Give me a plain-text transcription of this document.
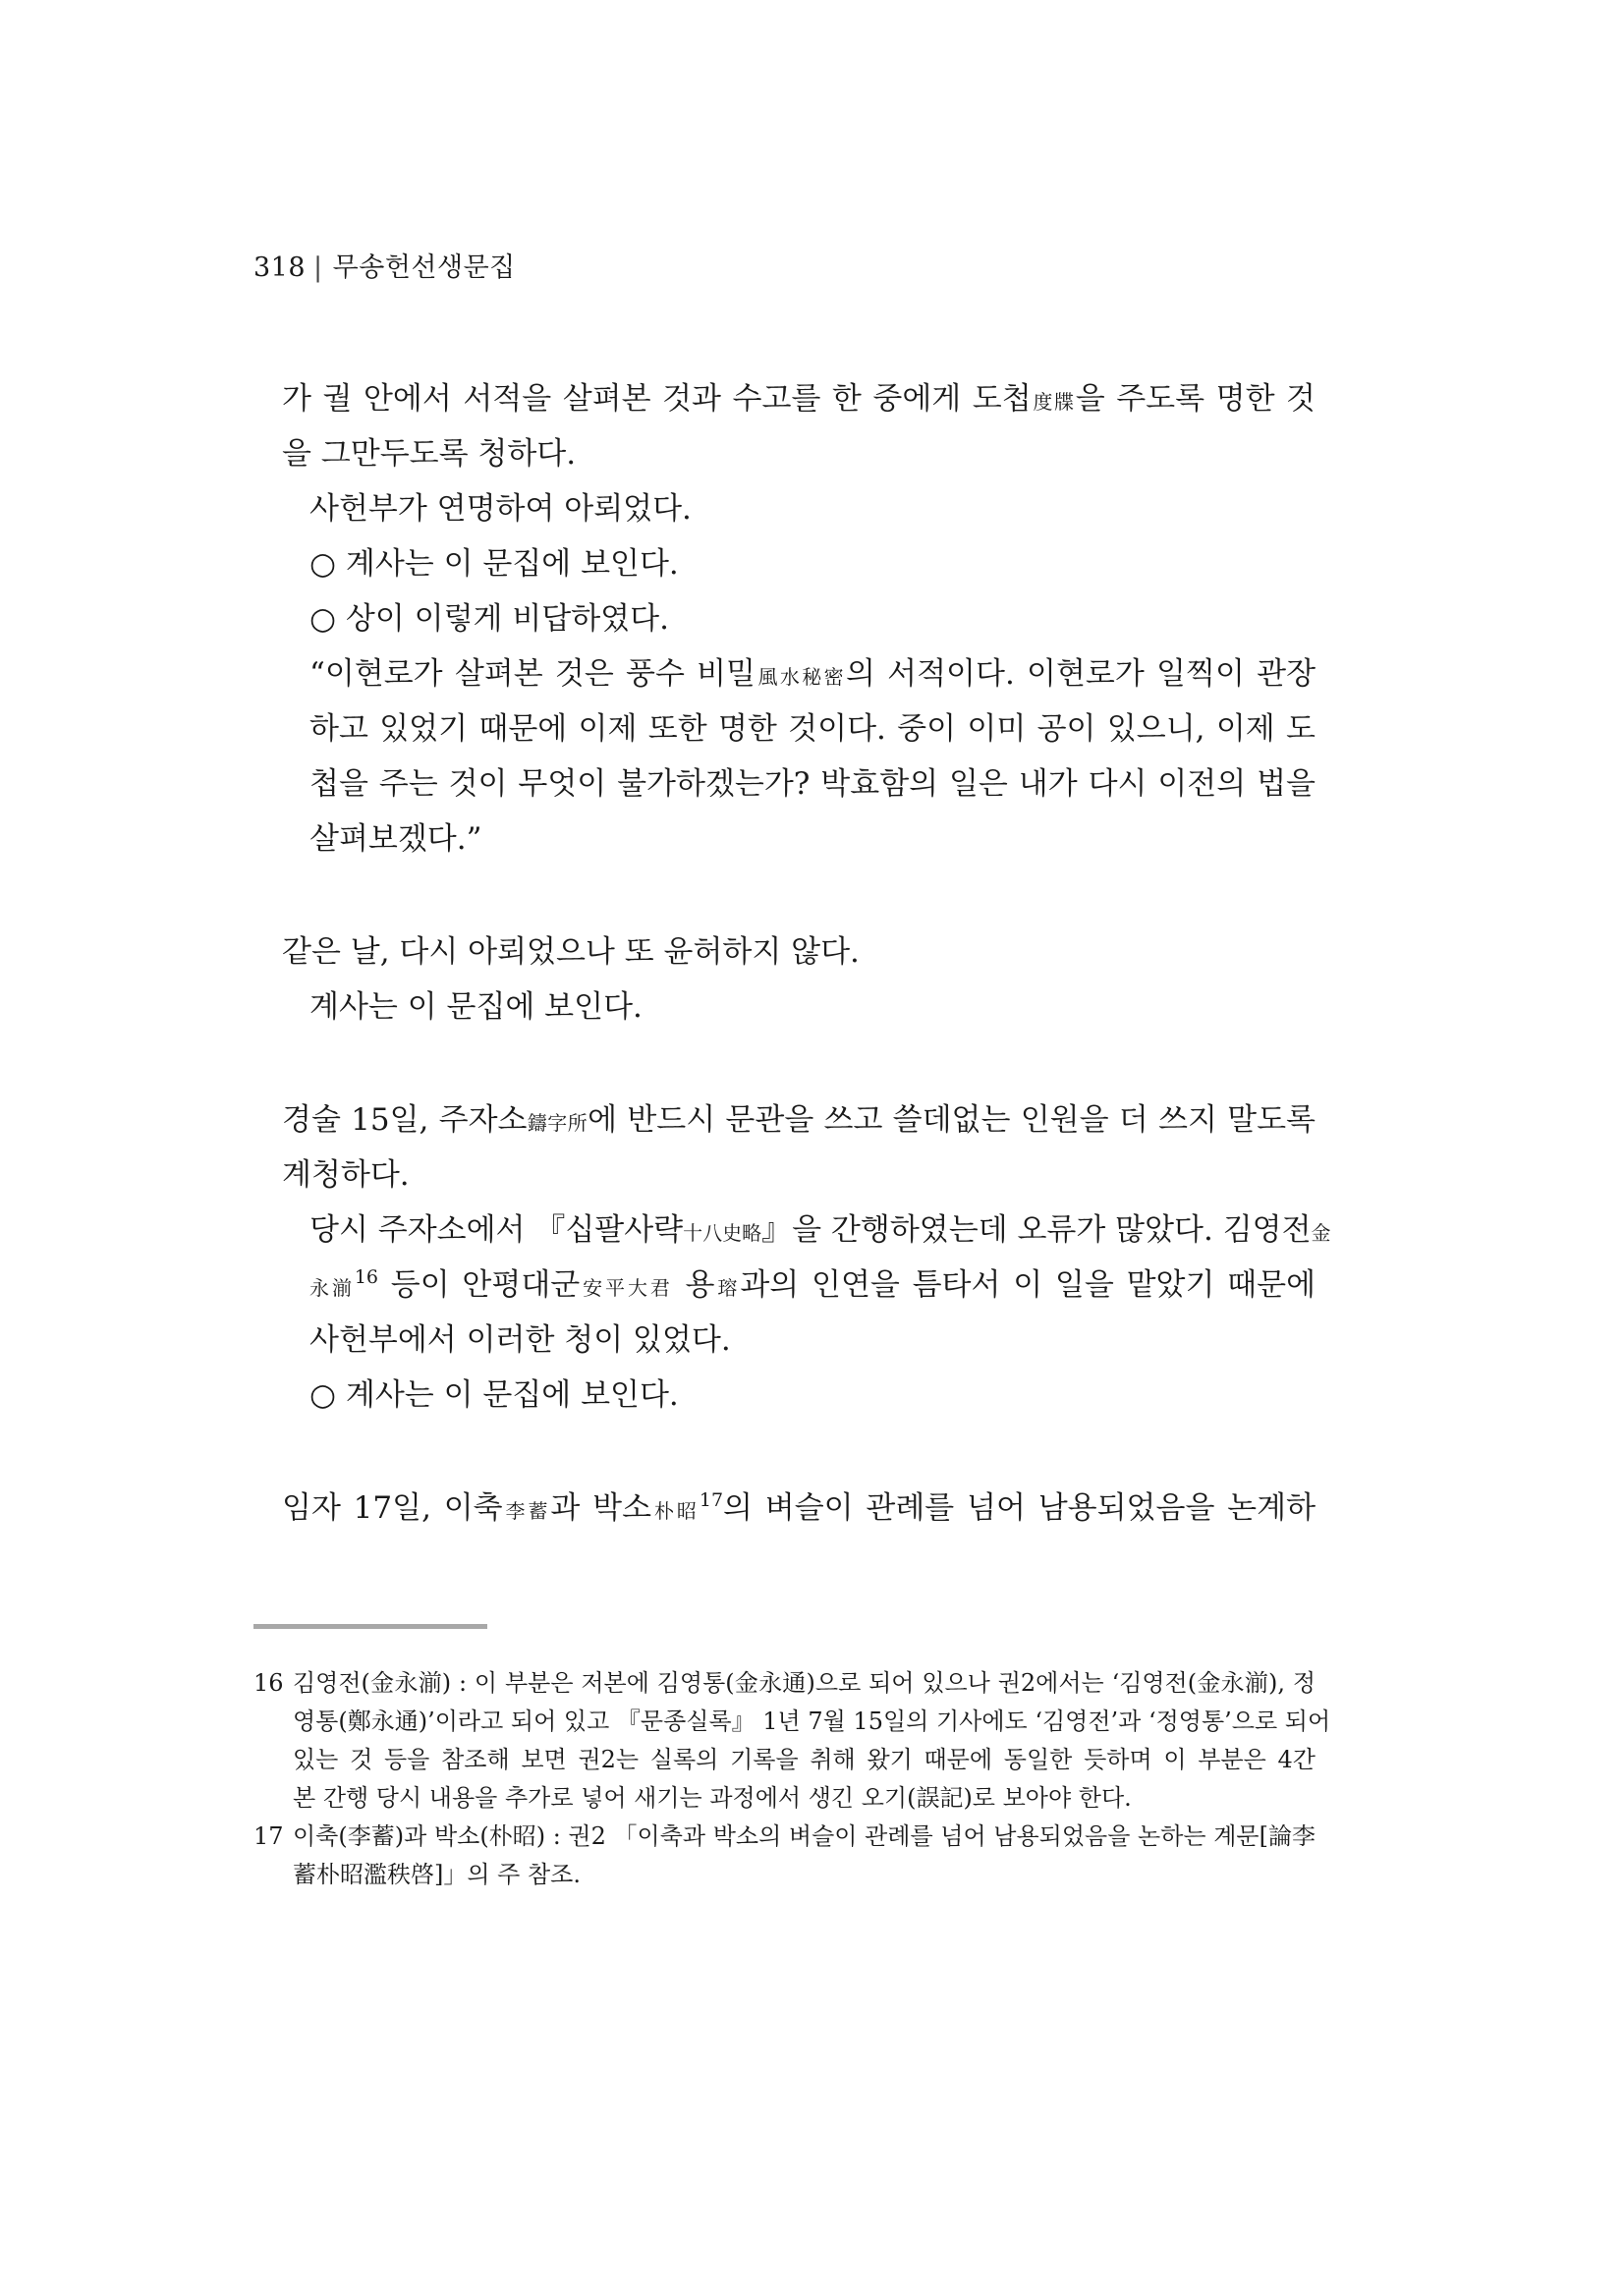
318 | 무송헌선생문집
가 궐 안에서 서적을 살펴본 것과 수고를 한 중에게 도첩度牒을 주도록 명한 것
을 그만두도록 청하다.
사헌부가 연명하여 아뢰었다.
○ 계사는 이 문집에 보인다.
○ 상이 이렇게 비답하였다.
“이현로가 살펴본 것은 풍수 비밀風水秘密의 서적이다. 이현로가 일찍이 관장
하고 있었기 때문에 이제 또한 명한 것이다. 중이 이미 공이 있으니, 이제 도
첩을 주는 것이 무엇이 불가하겠는가? 박효함의 일은 내가 다시 이전의 법을
살펴보겠다.”
같은 날, 다시 아뢰었으나 또 윤허하지 않다.
계사는 이 문집에 보인다.
경술 15일, 주자소鑄字所에 반드시 문관을 쓰고 쓸데없는 인원을 더 쓰지 말도록
계청하다.
당시 주자소에서 『십팔사략十八史略』을 간행하였는데 오류가 많았다. 김영전金
永湔$^{16}$ 등이 안평대군安平大君 용瑢과의 인연을 틈타서 이 일을 맡았기 때문에
사헌부에서 이러한 청이 있었다.
○ 계사는 이 문집에 보인다.
임자 17일, 이축李蓄과 박소朴昭$^{17}$의 벼슬이 관례를 넘어 남용되었음을 논계하
16 김영전(金永湔) : 이 부분은 저본에 김영통(金永通)으로 되어 있으나 권2에서는 ‘김영전(金永湔), 정
영통(鄭永通)’이라고 되어 있고 『문종실록』 1년 7월 15일의 기사에도 ‘김영전’과 ‘정영통’으로 되어
있는 것 등을 참조해 보면 권2는 실록의 기록을 취해 왔기 때문에 동일한 듯하며 이 부분은 4간
본 간행 당시 내용을 추가로 넣어 새기는 과정에서 생긴 오기(誤記)로 보아야 한다.
17 이축(李蓄)과 박소(朴昭) : 권2 「이축과 박소의 벼슬이 관례를 넘어 남용되었음을 논하는 계문[論李
蓄朴昭濫秩啓]」의 주 참조.
